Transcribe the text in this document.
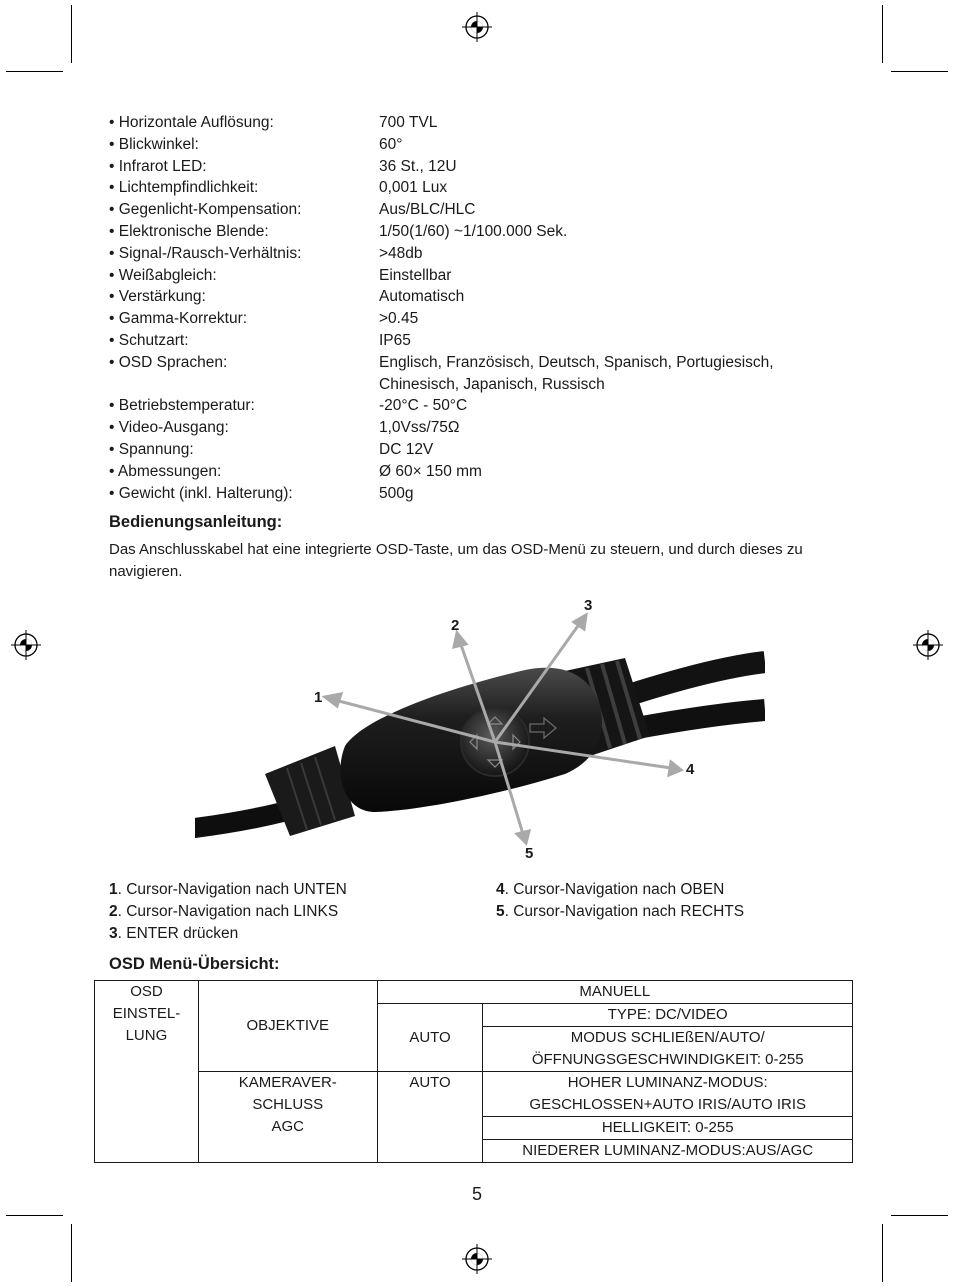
• Horizontale Auflösung:	700 TVL
• Blickwinkel:	60°
• Infrarot LED:	36 St., 12U
• Lichtempfindlichkeit:	0,001 Lux
• Gegenlicht-Kompensation:	Aus/BLC/HLC
• Elektronische Blende:	1/50(1/60) ~1/100.000 Sek.
• Signal-/Rausch-Verhältnis:	>48db
• Weißabgleich:	Einstellbar
• Verstärkung:	Automatisch
• Gamma-Korrektur:	>0.45
• Schutzart:	IP65
• OSD Sprachen:	Englisch, Französisch, Deutsch, Spanisch, Portugiesisch,
Chinesisch, Japanisch, Russisch
• Betriebstemperatur:	-20°C - 50°C
• Video-Ausgang:	1,0Vss/75Ω
• Spannung:	DC 12V
• Abmessungen:	Ø 60× 150 mm
• Gewicht (inkl. Halterung):	500g
Bedienungsanleitung:
Das Anschlusskabel hat eine integrierte OSD-Taste, um das OSD-Menü zu steuern, und durch dieses zu navigieren.
1
2
3
4
5
1. Cursor-Navigation nach UNTEN
2. Cursor-Navigation nach LINKS
3. ENTER drücken
4. Cursor-Navigation nach OBEN
5. Cursor-Navigation nach RECHTS
OSD Menü-Übersicht:
OSD
EINSTEL-
LUNG	OBJEKTIVE	MANUELL	
		AUTO	TYPE: DC/VIDEO
			MODUS SCHLIEßEN/AUTO/
ÖFFNUNGSGESCHWINDIGKEIT: 0-255
	KAMERAVER-
SCHLUSS
AGC	AUTO	HOHER LUMINANZ-MODUS:
GESCHLOSSEN+AUTO IRIS/AUTO IRIS
			HELLIGKEIT: 0-255
			NIEDERER LUMINANZ-MODUS:AUS/AGC
5
